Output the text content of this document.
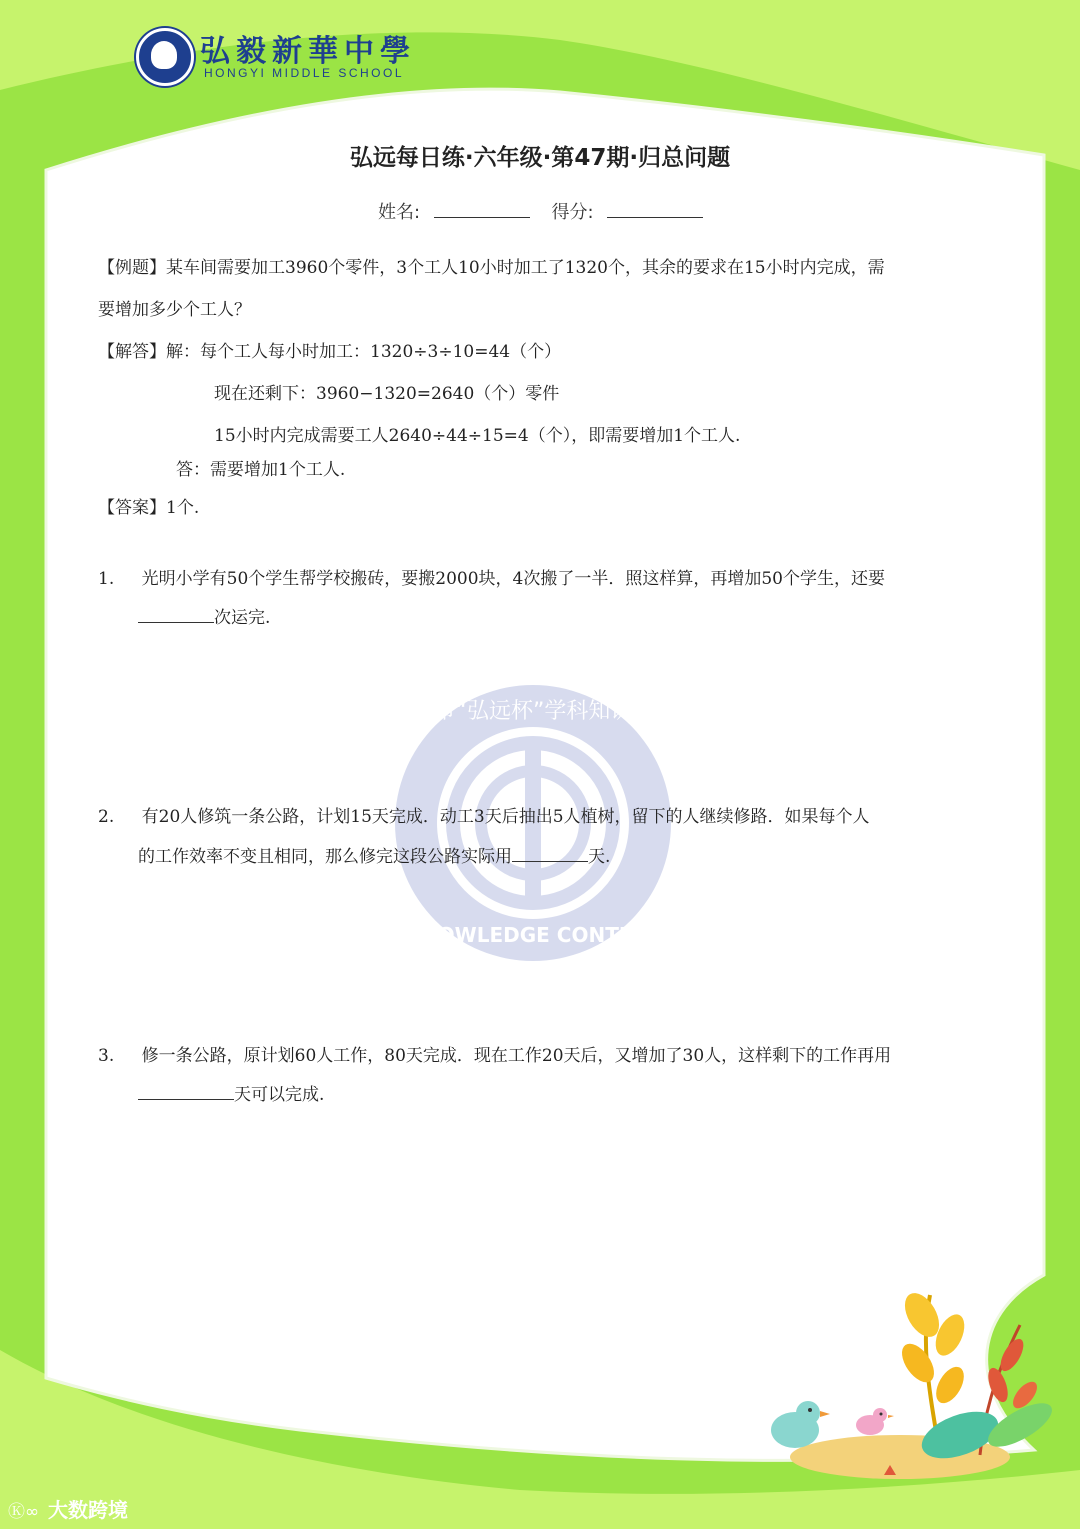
弘毅新華中學
HONGYI MIDDLE SCHOOL
弘远每日练·六年级·第47期·归总问题
姓名:	得分:
【例题】某车间需要加工3960个零件，3个工人10小时加工了1320个，其余的要求在15小时内完成，需
要增加多少个工人？
【解答】解：每个工人每小时加工：1320÷3÷10=44（个）
现在还剩下：3960−1320=2640（个）零件
15小时内完成需要工人2640÷44÷15=4（个），即需要增加1个工人.
答：需要增加1个工人.
【答案】1个.
市“弘远杯”学科知识
KNOWLEDGE CONTEST
1. 光明小学有50个学生帮学校搬砖，要搬2000块，4次搬了一半．照这样算，再增加50个学生，还要
次运完.
2. 有20人修筑一条公路，计划15天完成．动工3天后抽出5人植树，留下的人继续修路．如果每个人
的工作效率不变且相同，那么修完这段公路实际用	天.
3. 修一条公路，原计划60人工作，80天完成．现在工作20天后，又增加了30人，这样剩下的工作再用
天可以完成.
Ⓚ∞ 大数跨境
